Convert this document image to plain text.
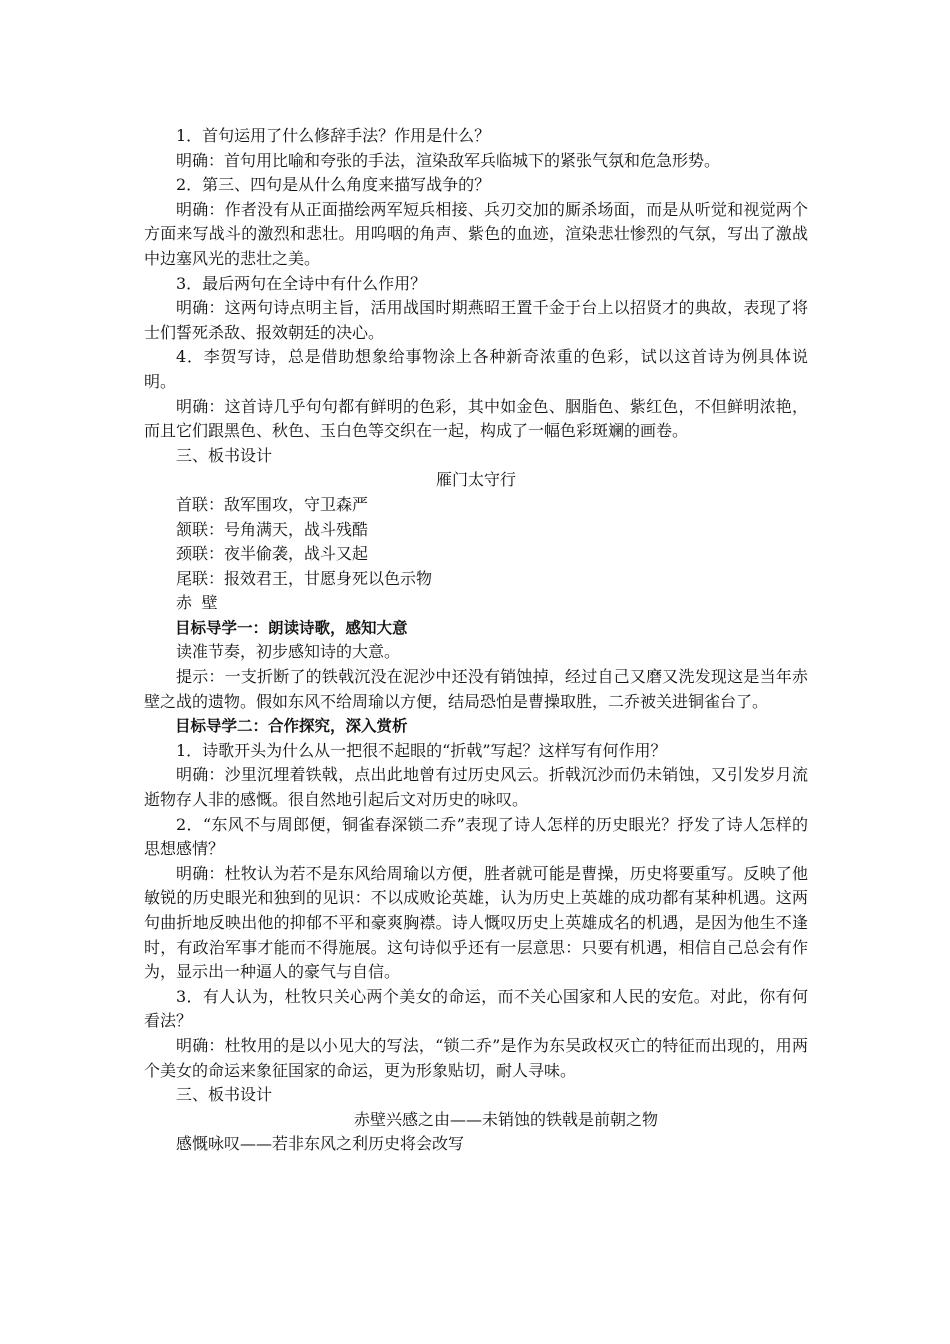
1．首句运用了什么修辞手法？作用是什么？

明确：首句用比喻和夸张的手法，渲染敌军兵临城下的紧张气氛和危急形势。

2．第三、四句是从什么角度来描写战争的？

明确：作者没有从正面描绘两军短兵相接、兵刃交加的厮杀场面，而是从听觉和视觉两个方面来写战斗的激烈和悲壮。用呜咽的角声、紫色的血迹，渲染悲壮惨烈的气氛，写出了激战中边塞风光的悲壮之美。

3．最后两句在全诗中有什么作用？

明确：这两句诗点明主旨，活用战国时期燕昭王置千金于台上以招贤才的典故，表现了将士们誓死杀敌、报效朝廷的决心。

4．李贺写诗，总是借助想象给事物涂上各种新奇浓重的色彩，试以这首诗为例具体说明。

明确：这首诗几乎句句都有鲜明的色彩，其中如金色、胭脂色、紫红色，不但鲜明浓艳，而且它们跟黑色、秋色、玉白色等交织在一起，构成了一幅色彩斑斓的画卷。

三、板书设计

雁门太守行

首联：敌军围攻，守卫森严

颔联：号角满天，战斗残酷

颈联：夜半偷袭，战斗又起

尾联：报效君王，甘愿身死以色示物

赤壁

目标导学一：朗读诗歌，感知大意

读准节奏，初步感知诗的大意。

提示：一支折断了的铁戟沉没在泥沙中还没有销蚀掉，经过自己又磨又洗发现这是当年赤壁之战的遗物。假如东风不给周瑜以方便，结局恐怕是曹操取胜，二乔被关进铜雀台了。

目标导学二：合作探究，深入赏析

1．诗歌开头为什么从一把很不起眼的“折戟”写起？这样写有何作用？

明确：沙里沉埋着铁戟，点出此地曾有过历史风云。折戟沉沙而仍未销蚀，又引发岁月流逝物存人非的感慨。很自然地引起后文对历史的咏叹。

2．“东风不与周郎便，铜雀春深锁二乔”表现了诗人怎样的历史眼光？抒发了诗人怎样的思想感情？

明确：杜牧认为若不是东风给周瑜以方便，胜者就可能是曹操，历史将要重写。反映了他敏锐的历史眼光和独到的见识：不以成败论英雄，认为历史上英雄的成功都有某种机遇。这两句曲折地反映出他的抑郁不平和豪爽胸襟。诗人慨叹历史上英雄成名的机遇，是因为他生不逢时，有政治军事才能而不得施展。这句诗似乎还有一层意思：只要有机遇，相信自己总会有作为，显示出一种逼人的豪气与自信。

3．有人认为，杜牧只关心两个美女的命运，而不关心国家和人民的安危。对此，你有何看法？

明确：杜牧用的是以小见大的写法，“锁二乔”是作为东吴政权灭亡的特征而出现的，用两个美女的命运来象征国家的命运，更为形象贴切，耐人寻味。

三、板书设计

赤壁兴感之由——未销蚀的铁戟是前朝之物

感慨咏叹——若非东风之利历史将会改写
